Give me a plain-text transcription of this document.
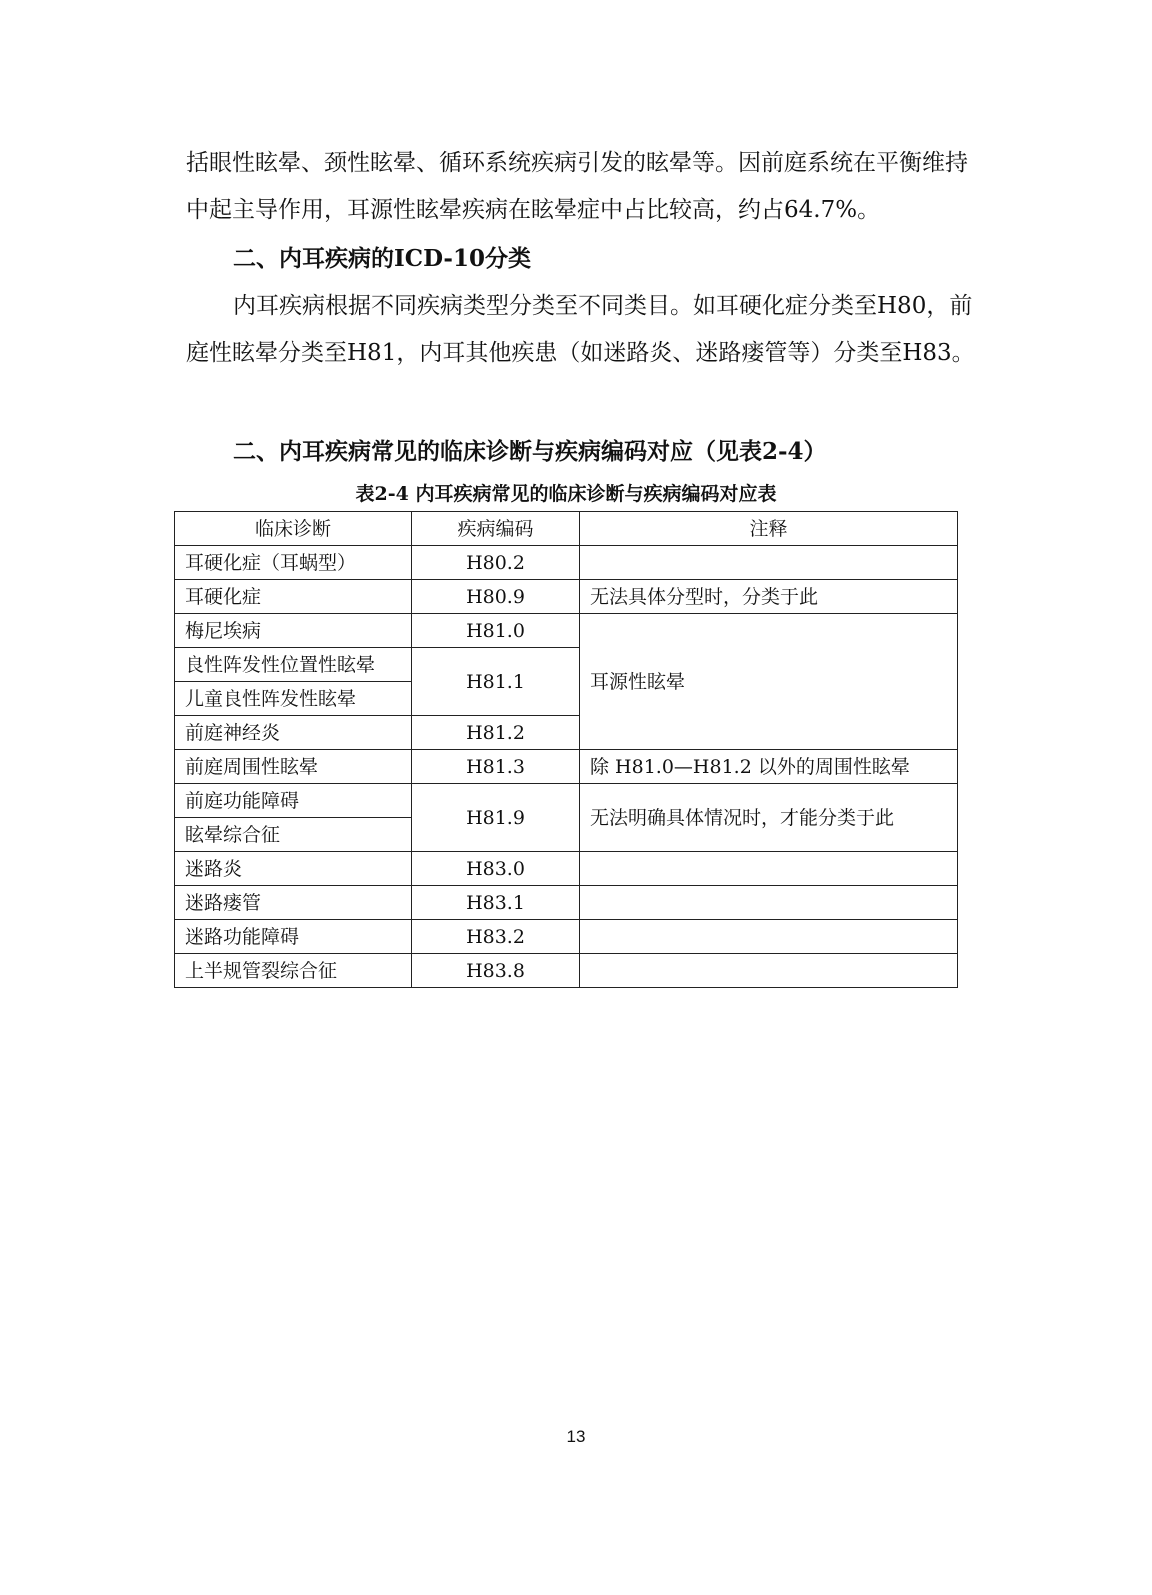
括眼性眩晕、颈性眩晕、循环系统疾病引发的眩晕等。因前庭系统在平衡维持中起主导作用，耳源性眩晕疾病在眩晕症中占比较高，约占64.7%。

二、内耳疾病的ICD-10分类

内耳疾病根据不同疾病类型分类至不同类目。如耳硬化症分类至H80，前庭性眩晕分类至H81，内耳其他疾患（如迷路炎、迷路瘘管等）分类至H83。

二、内耳疾病常见的临床诊断与疾病编码对应（见表2-4）

表2-4 内耳疾病常见的临床诊断与疾病编码对应表

临床诊断	疾病编码	注释
耳硬化症（耳蜗型）	H80.2	
耳硬化症	H80.9	无法具体分型时，分类于此
梅尼埃病	H81.0	耳源性眩晕
良性阵发性位置性眩晕	H81.1	
儿童良性阵发性眩晕		
前庭神经炎	H81.2	
前庭周围性眩晕	H81.3	除 H81.0—H81.2 以外的周围性眩晕
前庭功能障碍	H81.9	无法明确具体情况时，才能分类于此
眩晕综合征		
迷路炎	H83.0	
迷路瘘管	H83.1	
迷路功能障碍	H83.2	
上半规管裂综合征	H83.8	

13
